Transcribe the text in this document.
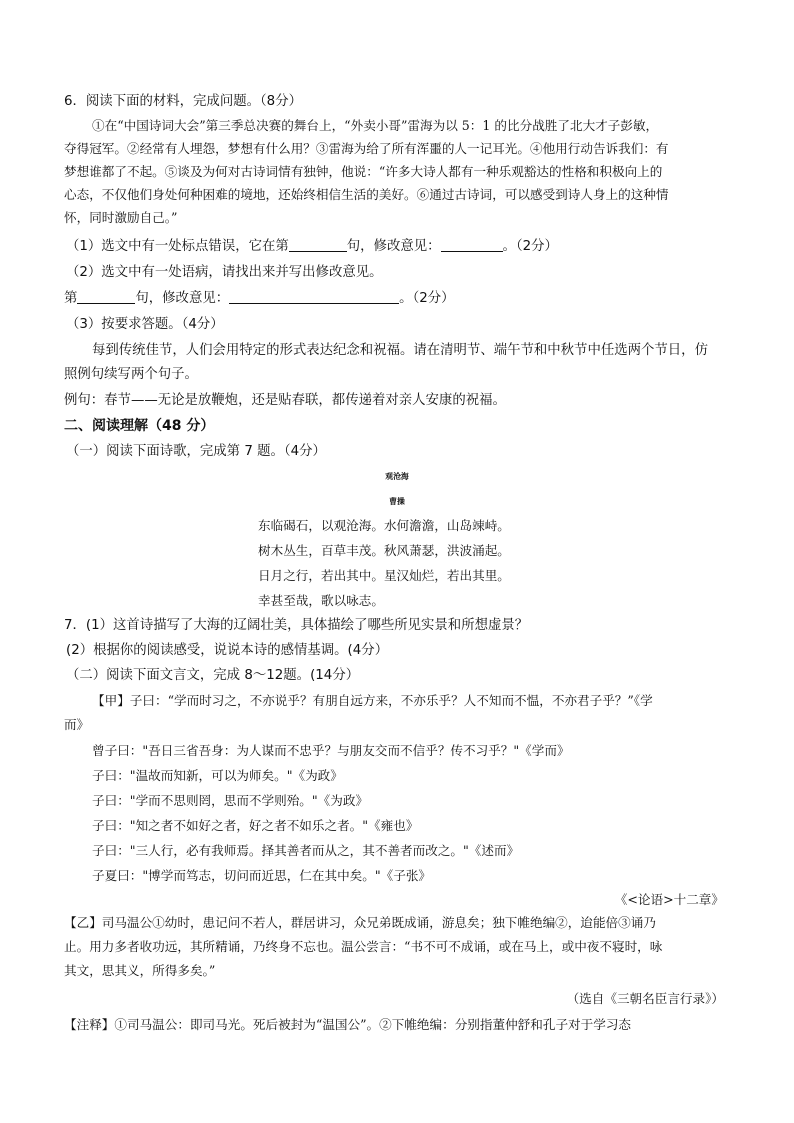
6．阅读下面的材料，完成问题。（8分）
①在“中国诗词大会”第三季总决赛的舞台上，“外卖小哥”雷海为以 5：1 的比分战胜了北大才子彭敏，
夺得冠军。②经常有人埋怨，梦想有什么用？③雷海为给了所有浑噩的人一记耳光。④他用行动告诉我们：有
梦想谁都了不起。⑤谈及为何对古诗词情有独钟，他说：“许多大诗人都有一种乐观豁达的性格和积极向上的
心态，不仅他们身处何种困难的境地，还始终相信生活的美好。⑥通过古诗词，可以感受到诗人身上的这种情
怀，同时激励自己。”
（1）选文中有一处标点错误，它在第	句，修改意见：	。（2分）
（2）选文中有一处语病，请找出来并写出修改意见。
第	句，修改意见：	。（2分）
（3）按要求答题。（4分）
每到传统佳节，人们会用特定的形式表达纪念和祝福。请在清明节、端午节和中秋节中任选两个节日，仿
照例句续写两个句子。
例句：春节——无论是放鞭炮，还是贴春联，都传递着对亲人安康的祝福。
二、阅读理解（48 分）
（一）阅读下面诗歌，完成第 7 题。（4分）
观沧海
曹操
东临碣石，以观沧海。水何澹澹，山岛竦峙。
树木丛生，百草丰茂。秋风萧瑟，洪波涌起。
日月之行，若出其中。星汉灿烂，若出其里。
幸甚至哉，歌以咏志。
7．(1）这首诗描写了大海的辽阔壮美，具体描绘了哪些所见实景和所想虚景？
(2）根据你的阅读感受，说说本诗的感情基调。(4分）
（二）阅读下面文言文，完成 8～12题。(14分）
【甲】子曰：“学而时习之，不亦说乎？有朋自远方来，不亦乐乎？人不知而不愠，不亦君子乎？”《学
而》
曾子曰："吾日三省吾身：为人谋而不忠乎？与朋友交而不信乎？传不习乎？"《学而》
子曰："温故而知新，可以为师矣。"《为政》
子曰："学而不思则罔，思而不学则殆。"《为政》
子曰："知之者不如好之者，好之者不如乐之者。"《雍也》
子曰："三人行，必有我师焉。择其善者而从之，其不善者而改之。"《述而》
子夏曰："博学而笃志，切问而近思，仁在其中矣。"《子张》
《<论语>十二章》
【乙】司马温公①幼时，患记问不若人，群居讲习，众兄弟既成诵，游息矣；独下帷绝编②，迨能倍③诵乃
止。用力多者收功远，其所精诵，乃终身不忘也。温公尝言：“书不可不成诵，或在马上，或中夜不寝时，咏
其文，思其义，所得多矣。”
（选自《三朝名臣言行录》）
【注释】①司马温公：即司马光。死后被封为“温国公”。②下帷绝编：分别指董仲舒和孔子对于学习态
